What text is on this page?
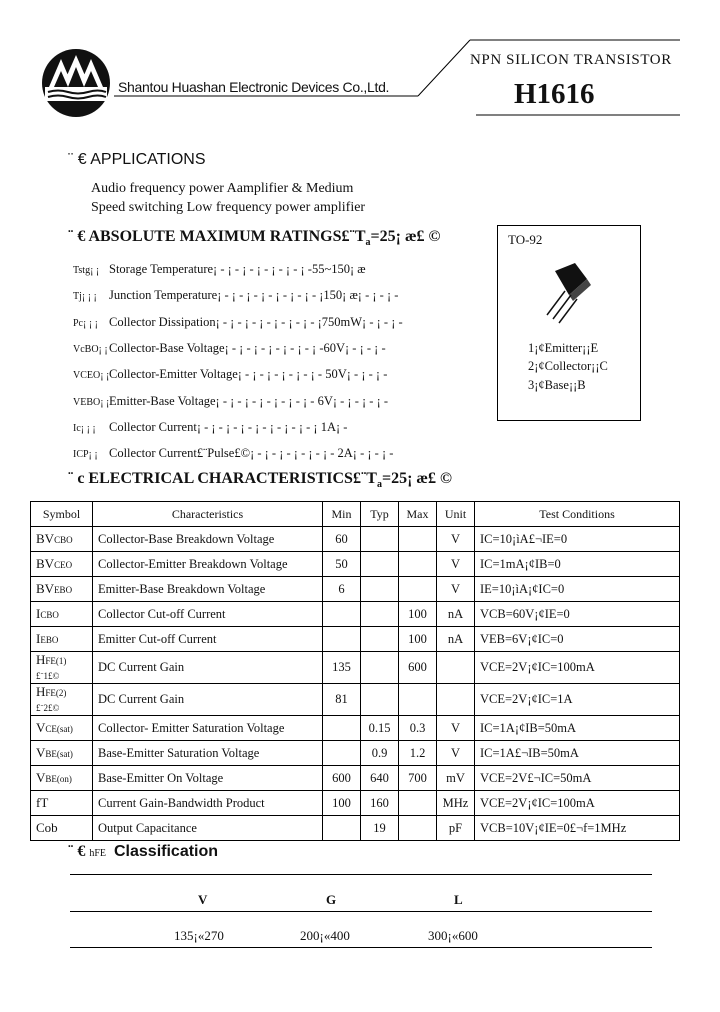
Shantou Huashan Electronic Devices Co.,Ltd.
NPN SILICON TRANSISTOR
H1616
¨ € APPLICATIONS
Audio frequency power Aamplifier & Medium
Speed switching Low frequency power amplifier
¨ € ABSOLUTE MAXIMUM $RATINGS£¨T_a=25¡$ æ£ ©
Tstg¡ ¡ Storage Temperature¡ - ¡ - ¡ - ¡ - ¡ - ¡ - ¡ -55~150¡ æ
Tj¡ ¡ ¡ Junction Temperature¡ - ¡ - ¡ - ¡ - ¡ - ¡ - ¡ - ¡150¡ æ¡ - ¡ - ¡ -
Pc¡ ¡ ¡ Collector Dissipation¡ - ¡ - ¡ - ¡ - ¡ - ¡ - ¡ - ¡750mW¡ - ¡ - ¡ -
VcBO¡ ¡Collector-Base Voltage¡ - ¡ - ¡ - ¡ - ¡ - ¡ - ¡ -60V¡ - ¡ - ¡ -
VCEO¡ ¡Collector-Emitter Voltage¡ - ¡ - ¡ - ¡ - ¡ - ¡ - 50V¡ - ¡ - ¡ -
VEBO¡ ¡Emitter-Base Voltage¡ - ¡ - ¡ - ¡ - ¡ - ¡ - ¡ - 6V¡ - ¡ - ¡ - ¡ -
Ic¡ ¡ ¡ Collector Current¡ - ¡ - ¡ - ¡ - ¡ - ¡ - ¡ - ¡ - ¡ 1A¡ -
ICP¡ ¡ Collector Current£¨Pulse£©¡ - ¡ - ¡ - ¡ - ¡ - ¡ - 2A¡ - ¡ - ¡ -
TO-92
1¡¢Emitter¡¡E
2¡¢Collector¡¡C
3¡¢Base¡¡B
¨ c ELECTRICAL $CHARACTERISTICS£¨T_a=25¡$ æ£ ©
Symbol	Characteristics	Min	Typ	Max	Unit	Test Conditions
BVCBO	Collector-Base Breakdown Voltage	60			V	IC=10¡ìA£¬IE=0
BVCEO	Collector-Emitter Breakdown Voltage	50			V	IC=1mA¡¢IB=0
BVEBO	Emitter-Base Breakdown Voltage	6			V	IE=10¡ìA¡¢IC=0
ICBO	Collector Cut-off Current			100	nA	VCB=60V¡¢IE=0
IEBO	Emitter Cut-off Current			100	nA	VEB=6V¡¢IC=0
HFE(1)£¨1£©	DC Current Gain	135		600		VCE=2V¡¢IC=100mA
HFE(2)£¨2£©	DC Current Gain	81				VCE=2V¡¢IC=1A
VCE(sat)	Collector- Emitter Saturation Voltage		0.15	0.3	V	IC=1A¡¢IB=50mA
VBE(sat)	Base-Emitter Saturation Voltage		0.9	1.2	V	IC=1A£¬IB=50mA
VBE(on)	Base-Emitter On Voltage	600	640	700	mV	VCE=2V£¬IC=50mA
fT	Current Gain-Bandwidth Product	100	160		MHz	VCE=2V¡¢IC=100mA
Cob	Output Capacitance		19		pF	VCB=10V¡¢IE=0£¬f=1MHz
¨ € hFE Classification
V	G	L
135¡«270	200¡«400	300¡«600
